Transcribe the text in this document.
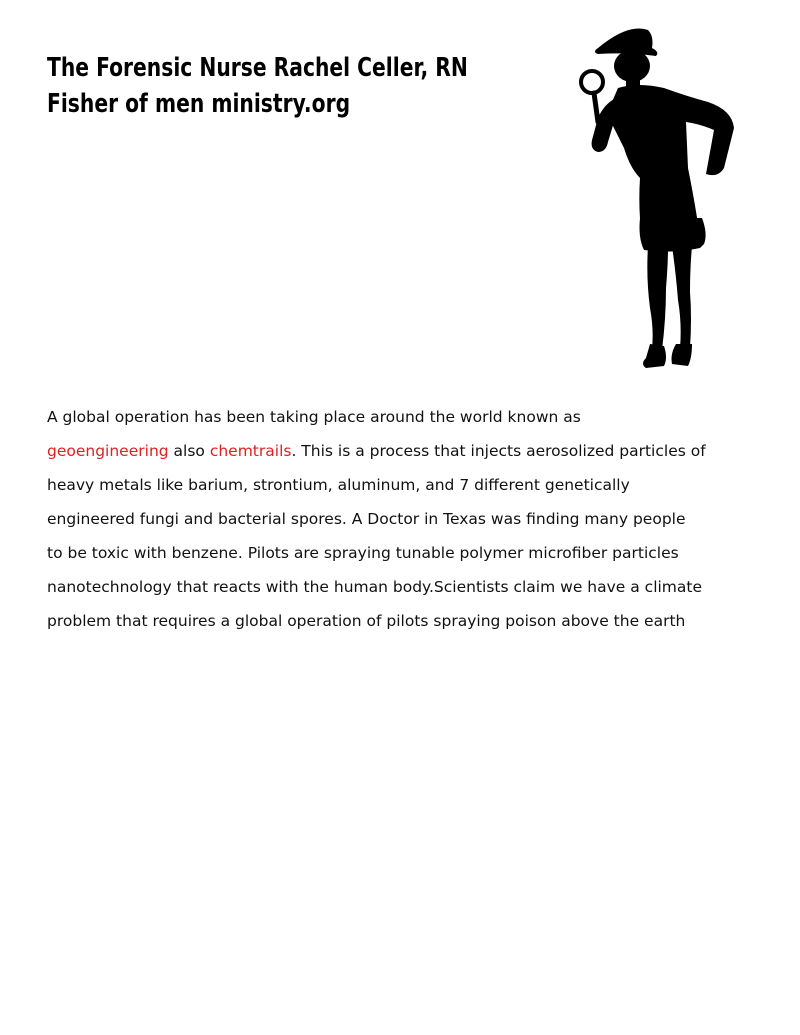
The Forensic Nurse Rachel Celler, RN
Fisher of men ministry.org

A global operation has been taking place around the world known as
geoengineering also chemtrails. This is a process that injects aerosolized particles of
heavy metals like barium, strontium, aluminum, and 7 different genetically
engineered fungi and bacterial spores. A Doctor in Texas was finding many people
to be toxic with benzene. Pilots are spraying tunable polymer microfiber particles
nanotechnology that reacts with the human body.Scientists claim we have a climate
problem that requires a global operation of pilots spraying poison above the earth
